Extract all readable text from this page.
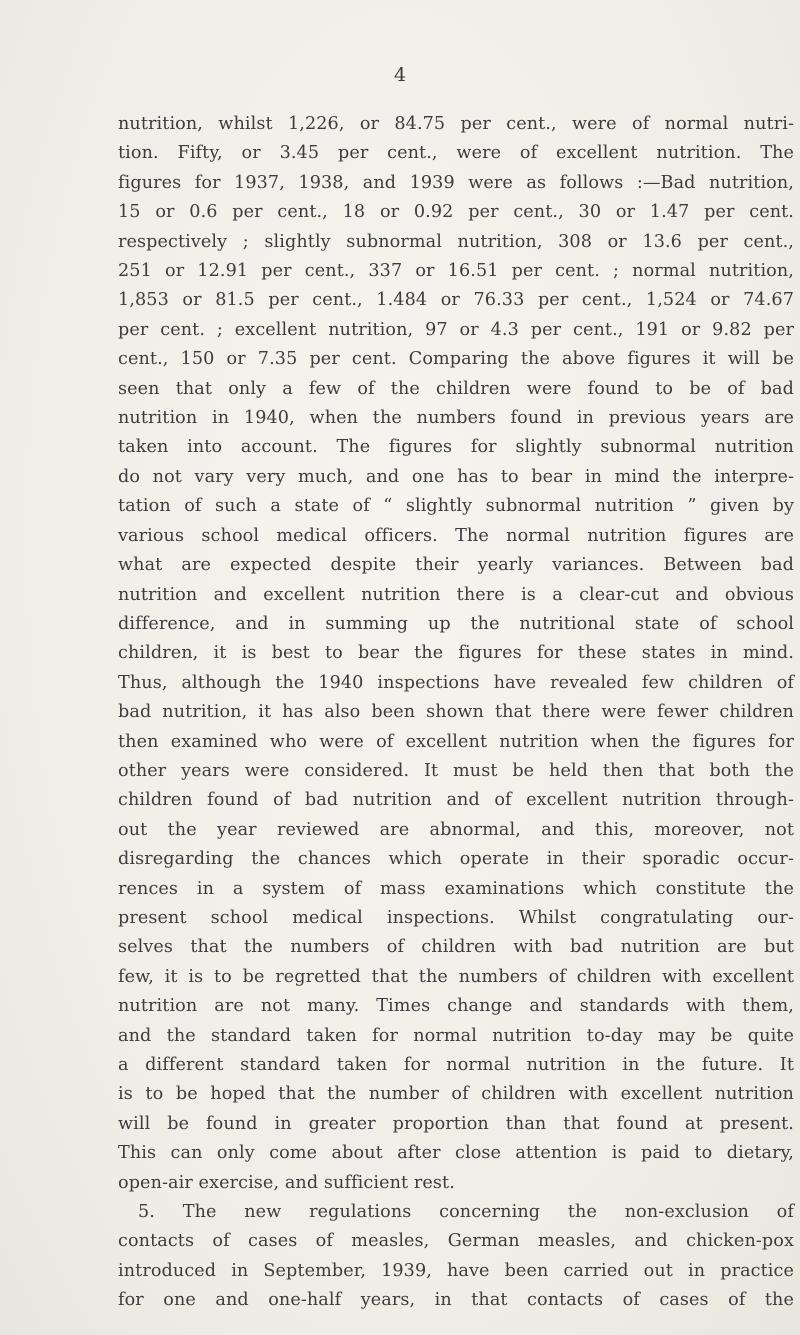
4
nutrition, whilst 1,226, or 84.75 per cent., were of normal nutri-
tion. Fifty, or 3.45 per cent., were of excellent nutrition. The
figures for 1937, 1938, and 1939 were as follows :—Bad nutrition,
15 or 0.6 per cent., 18 or 0.92 per cent., 30 or 1.47 per cent.
respectively ; slightly subnormal nutrition, 308 or 13.6 per cent.,
251 or 12.91 per cent., 337 or 16.51 per cent. ; normal nutrition,
1,853 or 81.5 per cent., 1.484 or 76.33 per cent., 1,524 or 74.67
per cent. ; excellent nutrition, 97 or 4.3 per cent., 191 or 9.82 per
cent., 150 or 7.35 per cent. Comparing the above figures it will be
seen that only a few of the children were found to be of bad
nutrition in 1940, when the numbers found in previous years are
taken into account. The figures for slightly subnormal nutrition
do not vary very much, and one has to bear in mind the interpre-
tation of such a state of “ slightly subnormal nutrition ” given by
various school medical officers. The normal nutrition figures are
what are expected despite their yearly variances. Between bad
nutrition and excellent nutrition there is a clear-cut and obvious
difference, and in summing up the nutritional state of school
children, it is best to bear the figures for these states in mind.
Thus, although the 1940 inspections have revealed few children of
bad nutrition, it has also been shown that there were fewer children
then examined who were of excellent nutrition when the figures for
other years were considered. It must be held then that both the
children found of bad nutrition and of excellent nutrition through-
out the year reviewed are abnormal, and this, moreover, not
disregarding the chances which operate in their sporadic occur-
rences in a system of mass examinations which constitute the
present school medical inspections. Whilst congratulating our-
selves that the numbers of children with bad nutrition are but
few, it is to be regretted that the numbers of children with excellent
nutrition are not many. Times change and standards with them,
and the standard taken for normal nutrition to-day may be quite
a different standard taken for normal nutrition in the future. It
is to be hoped that the number of children with excellent nutrition
will be found in greater proportion than that found at present.
This can only come about after close attention is paid to dietary,
open-air exercise, and sufficient rest.
5. The new regulations concerning the non-exclusion of
contacts of cases of measles, German measles, and chicken-pox
introduced in September, 1939, have been carried out in practice
for one and one-half years, in that contacts of cases of the
